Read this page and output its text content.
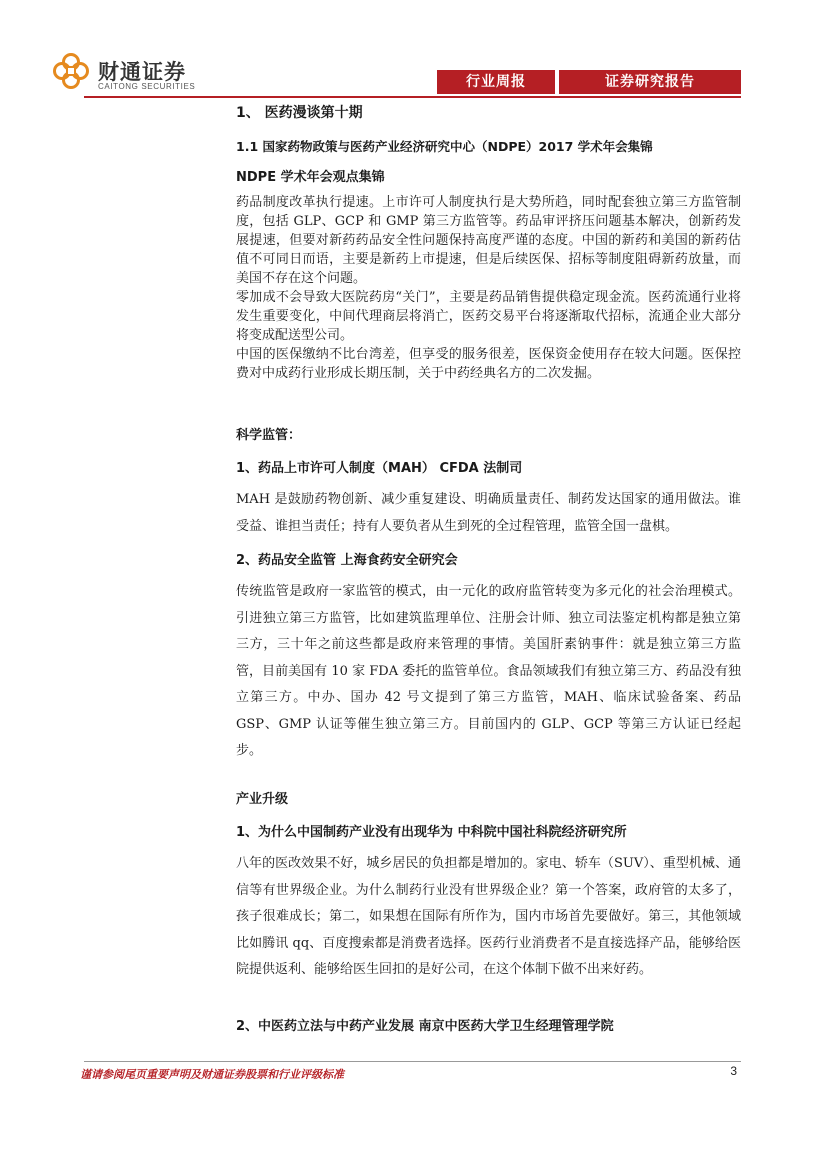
财通证券
CAITONG SECURITIES	行业周报	证券研究报告
1、 医药漫谈第十期
1.1 国家药物政策与医药产业经济研究中心（NDPE）2017 学术年会集锦
NDPE 学术年会观点集锦

药品制度改革执行提速。上市许可人制度执行是大势所趋，同时配套独立第三方监管制度，包括 GLP、GCP 和 GMP 第三方监管等。药品审评挤压问题基本解决，创新药发展提速，但要对新药药品安全性问题保持高度严谨的态度。中国的新药和美国的新药估值不可同日而语，主要是新药上市提速，但是后续医保、招标等制度阻碍新药放量，而美国不存在这个问题。

零加成不会导致大医院药房“关门”，主要是药品销售提供稳定现金流。医药流通行业将发生重要变化，中间代理商层将消亡，医药交易平台将逐渐取代招标，流通企业大部分将变成配送型公司。

中国的医保缴纳不比台湾差，但享受的服务很差，医保资金使用存在较大问题。医保控费对中成药行业形成长期压制，关于中药经典名方的二次发掘。

科学监管：
1、药品上市许可人制度（MAH） CFDA 法制司

MAH 是鼓励药物创新、减少重复建设、明确质量责任、制药发达国家的通用做法。谁受益、谁担当责任；持有人要负者从生到死的全过程管理，监管全国一盘棋。

2、药品安全监管 上海食药安全研究会

传统监管是政府一家监管的模式，由一元化的政府监管转变为多元化的社会治理模式。引进独立第三方监管，比如建筑监理单位、注册会计师、独立司法鉴定机构都是独立第三方，三十年之前这些都是政府来管理的事情。美国肝素钠事件：就是独立第三方监管，目前美国有 10 家 FDA 委托的监管单位。食品领域我们有独立第三方、药品没有独立第三方。中办、国办 42 号文提到了第三方监管，MAH、临床试验备案、药品 GSP、GMP 认证等催生独立第三方。目前国内的 GLP、GCP 等第三方认证已经起步。

产业升级
1、为什么中国制药产业没有出现华为 中科院中国社科院经济研究所

八年的医改效果不好，城乡居民的负担都是增加的。家电、轿车（SUV）、重型机械、通信等有世界级企业。为什么制药行业没有世界级企业？第一个答案，政府管的太多了，孩子很难成长；第二，如果想在国际有所作为，国内市场首先要做好。第三，其他领域比如腾讯 qq、百度搜索都是消费者选择。医药行业消费者不是直接选择产品，能够给医院提供返利、能够给医生回扣的是好公司，在这个体制下做不出来好药。

2、中医药立法与中药产业发展 南京中医药大学卫生经理管理学院
谨请参阅尾页重要声明及财通证券股票和行业评级标准	3
